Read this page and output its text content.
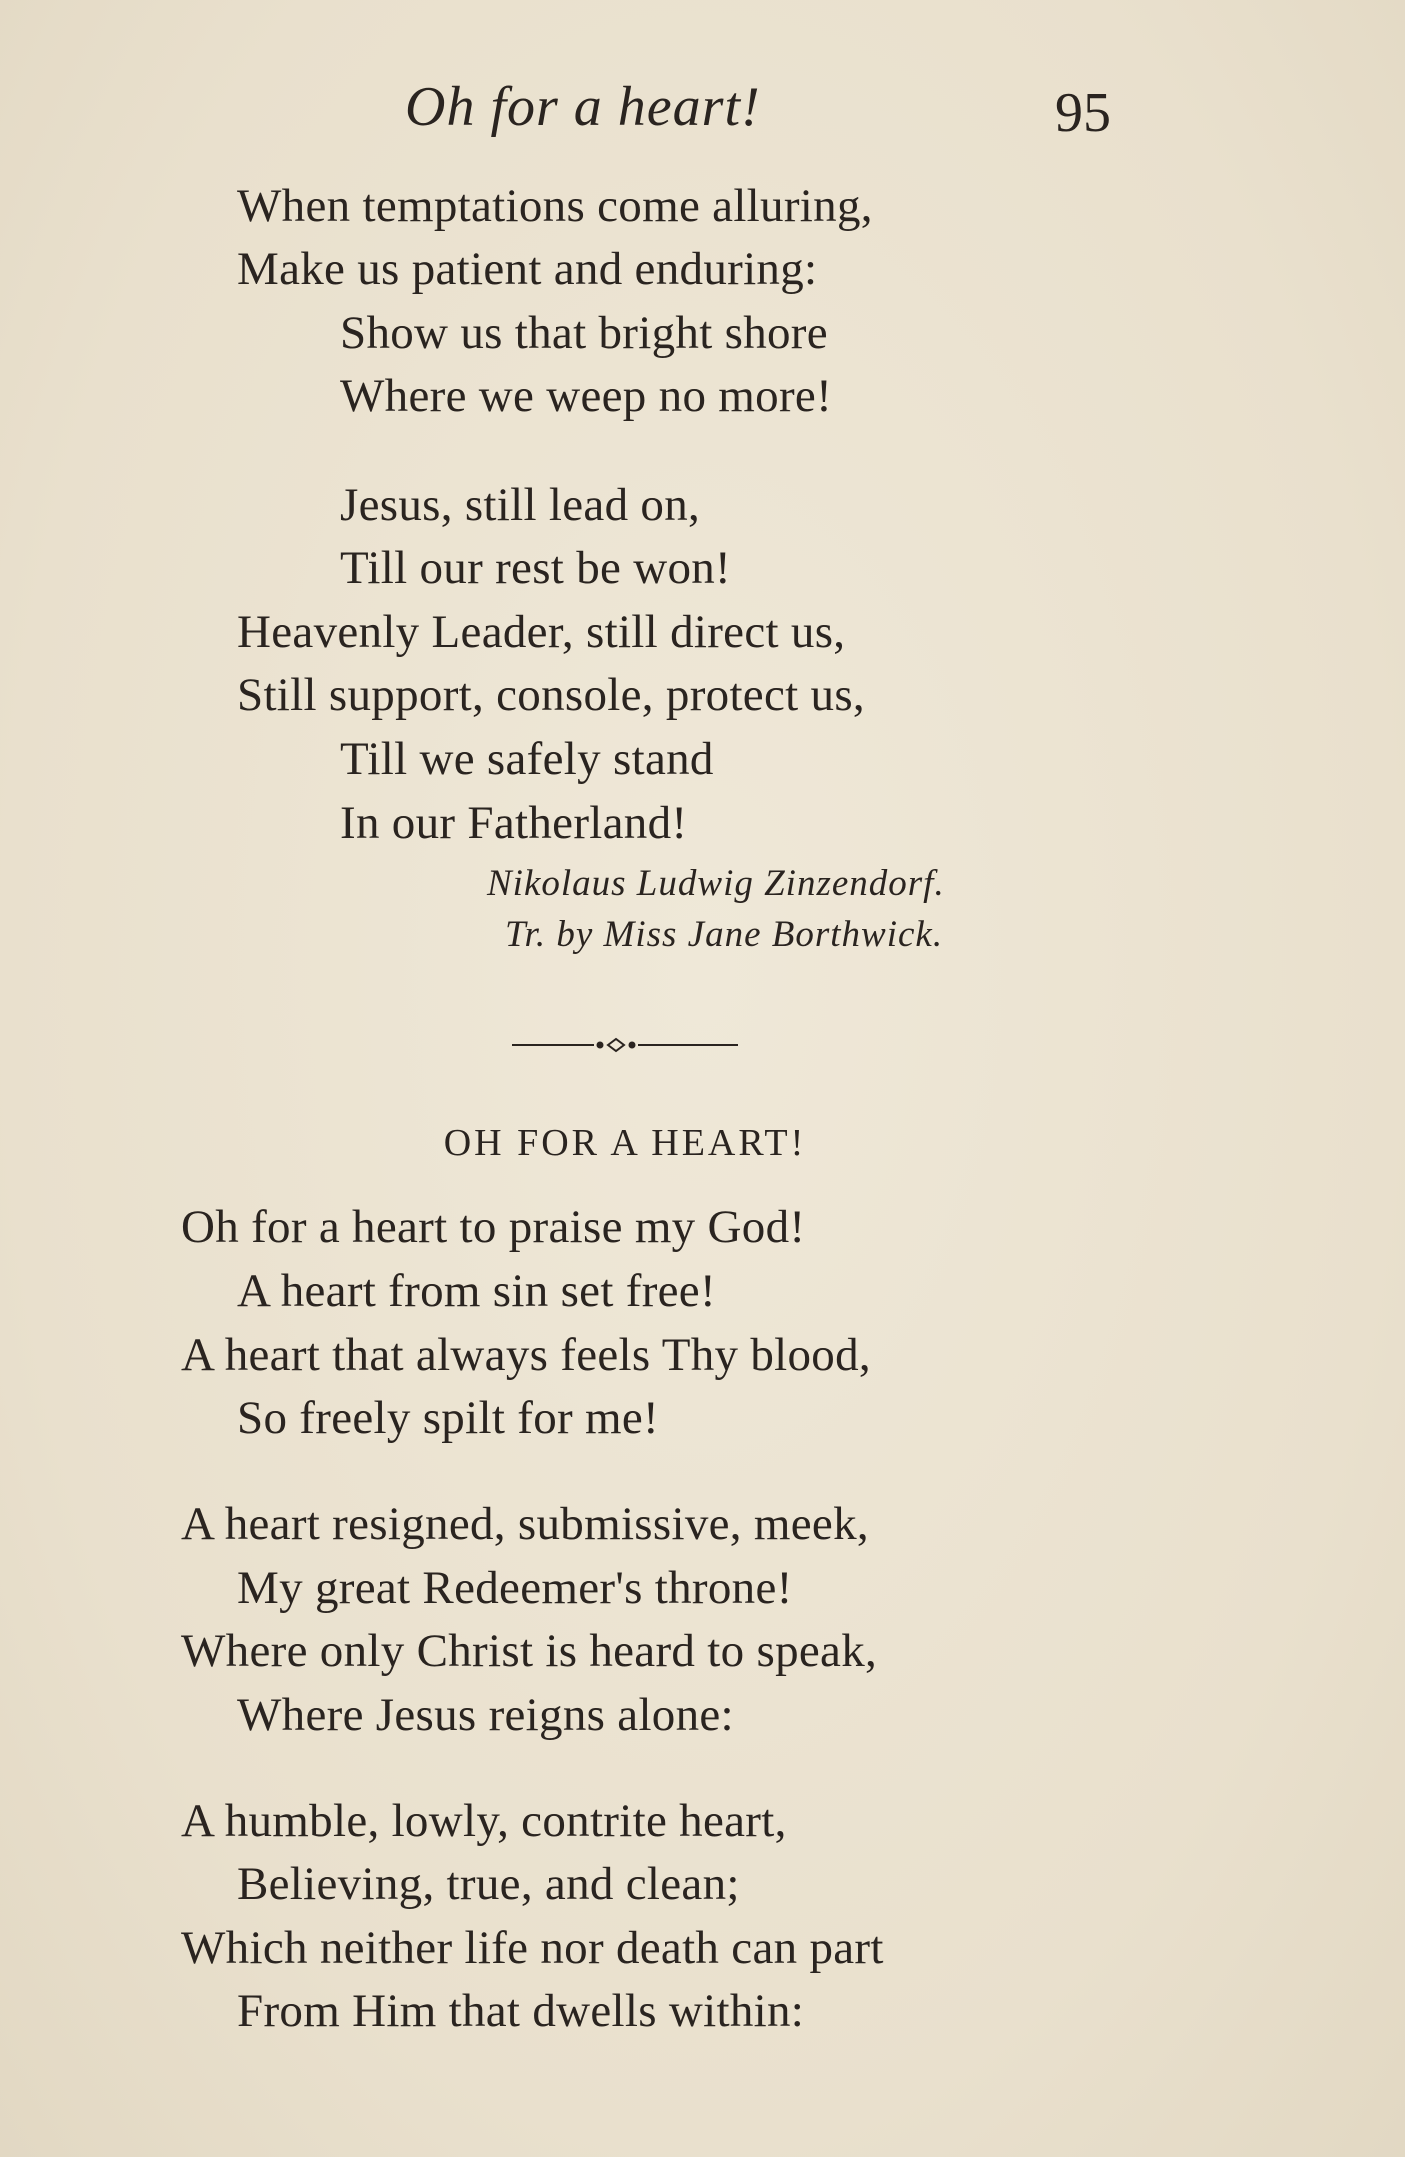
Oh for a heart!	95
When temptations come alluring,
Make us patient and enduring:
Show us that bright shore
Where we weep no more!
Jesus, still lead on,
Till our rest be won!
Heavenly Leader, still direct us,
Still support, console, protect us,
Till we safely stand
In our Fatherland!
Nikolaus Ludwig Zinzendorf.
Tr. by Miss Jane Borthwick.
OH FOR A HEART!
Oh for a heart to praise my God!
A heart from sin set free!
A heart that always feels Thy blood,
So freely spilt for me!
A heart resigned, submissive, meek,
My great Redeemer's throne!
Where only Christ is heard to speak,
Where Jesus reigns alone:
A humble, lowly, contrite heart,
Believing, true, and clean;
Which neither life nor death can part
From Him that dwells within:
